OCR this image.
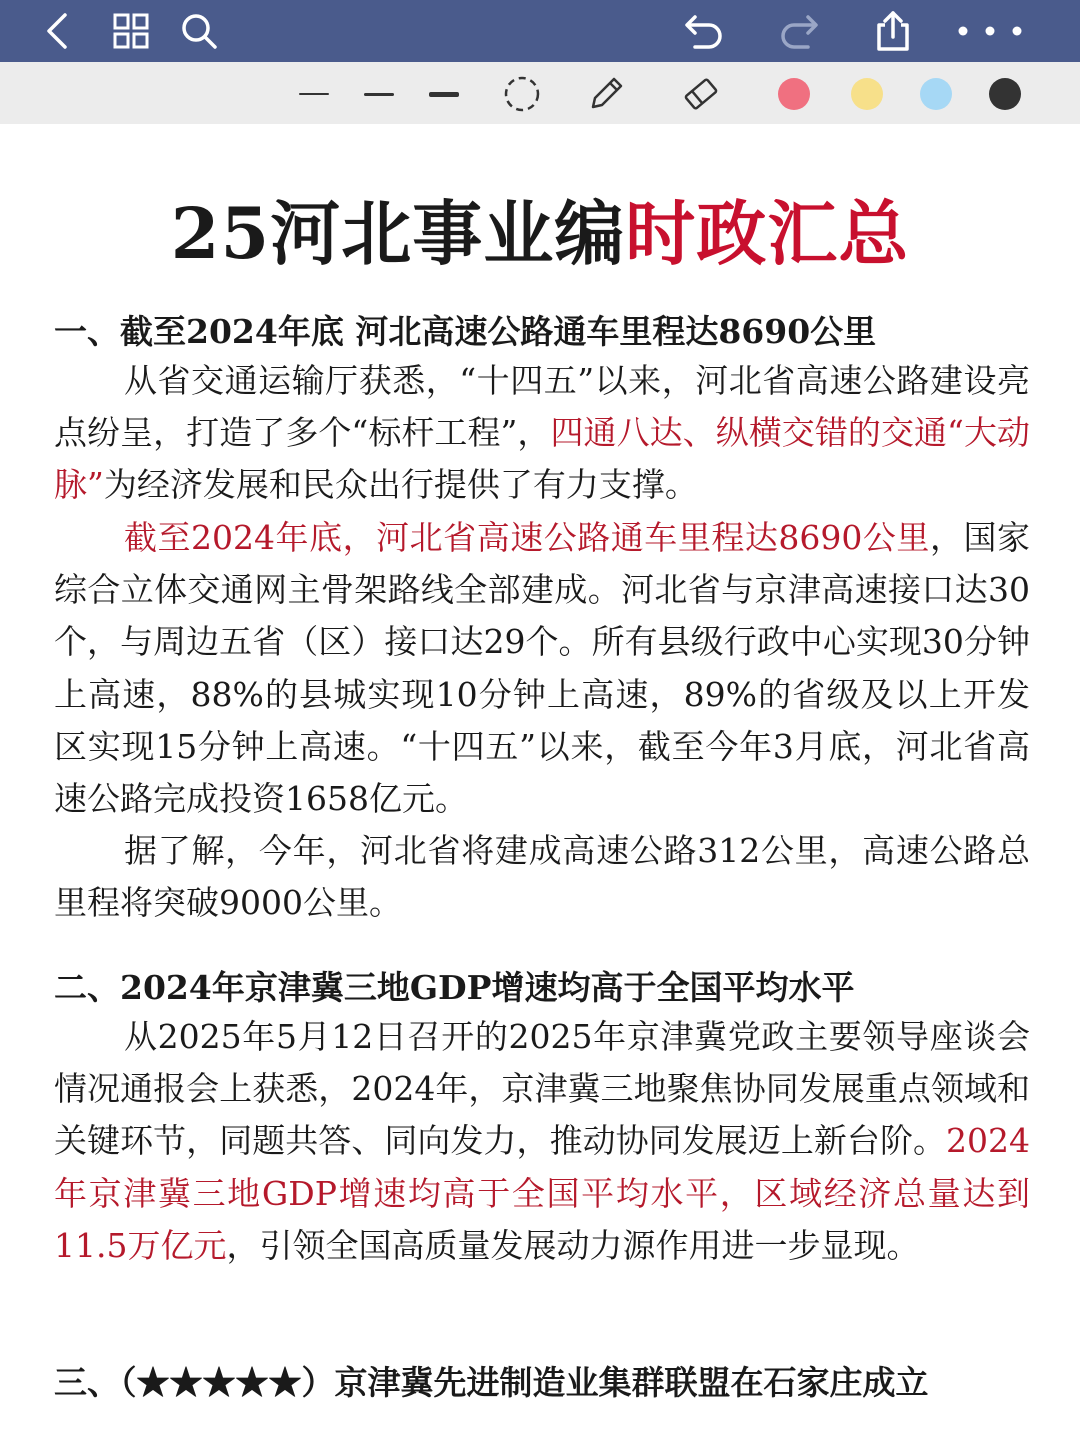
25河北事业编时政汇总
一、截至2024年底 河北高速公路通车里程达8690公里
从省交通运输厅获悉，“十四五”以来，河北省高速公路建设亮点纷呈，打造了多个“标杆工程”，四通八达、纵横交错的交通“大动脉”为经济发展和民众出行提供了有力支撑。
截至2024年底，河北省高速公路通车里程达8690公里，国家综合立体交通网主骨架路线全部建成。河北省与京津高速接口达30个，与周边五省（区）接口达29个。所有县级行政中心实现30分钟上高速，88%的县城实现10分钟上高速，89%的省级及以上开发区实现15分钟上高速。“十四五”以来，截至今年3月底，河北省高速公路完成投资1658亿元。
据了解，今年，河北省将建成高速公路312公里，高速公路总里程将突破9000公里。
二、2024年京津冀三地GDP增速均高于全国平均水平
从2025年5月12日召开的2025年京津冀党政主要领导座谈会情况通报会上获悉，2024年，京津冀三地聚焦协同发展重点领域和关键环节，同题共答、同向发力，推动协同发展迈上新台阶。2024年京津冀三地GDP增速均高于全国平均水平，区域经济总量达到11.5万亿元，引领全国高质量发展动力源作用进一步显现。
三、（★★★★★）京津冀先进制造业集群联盟在石家庄成立
